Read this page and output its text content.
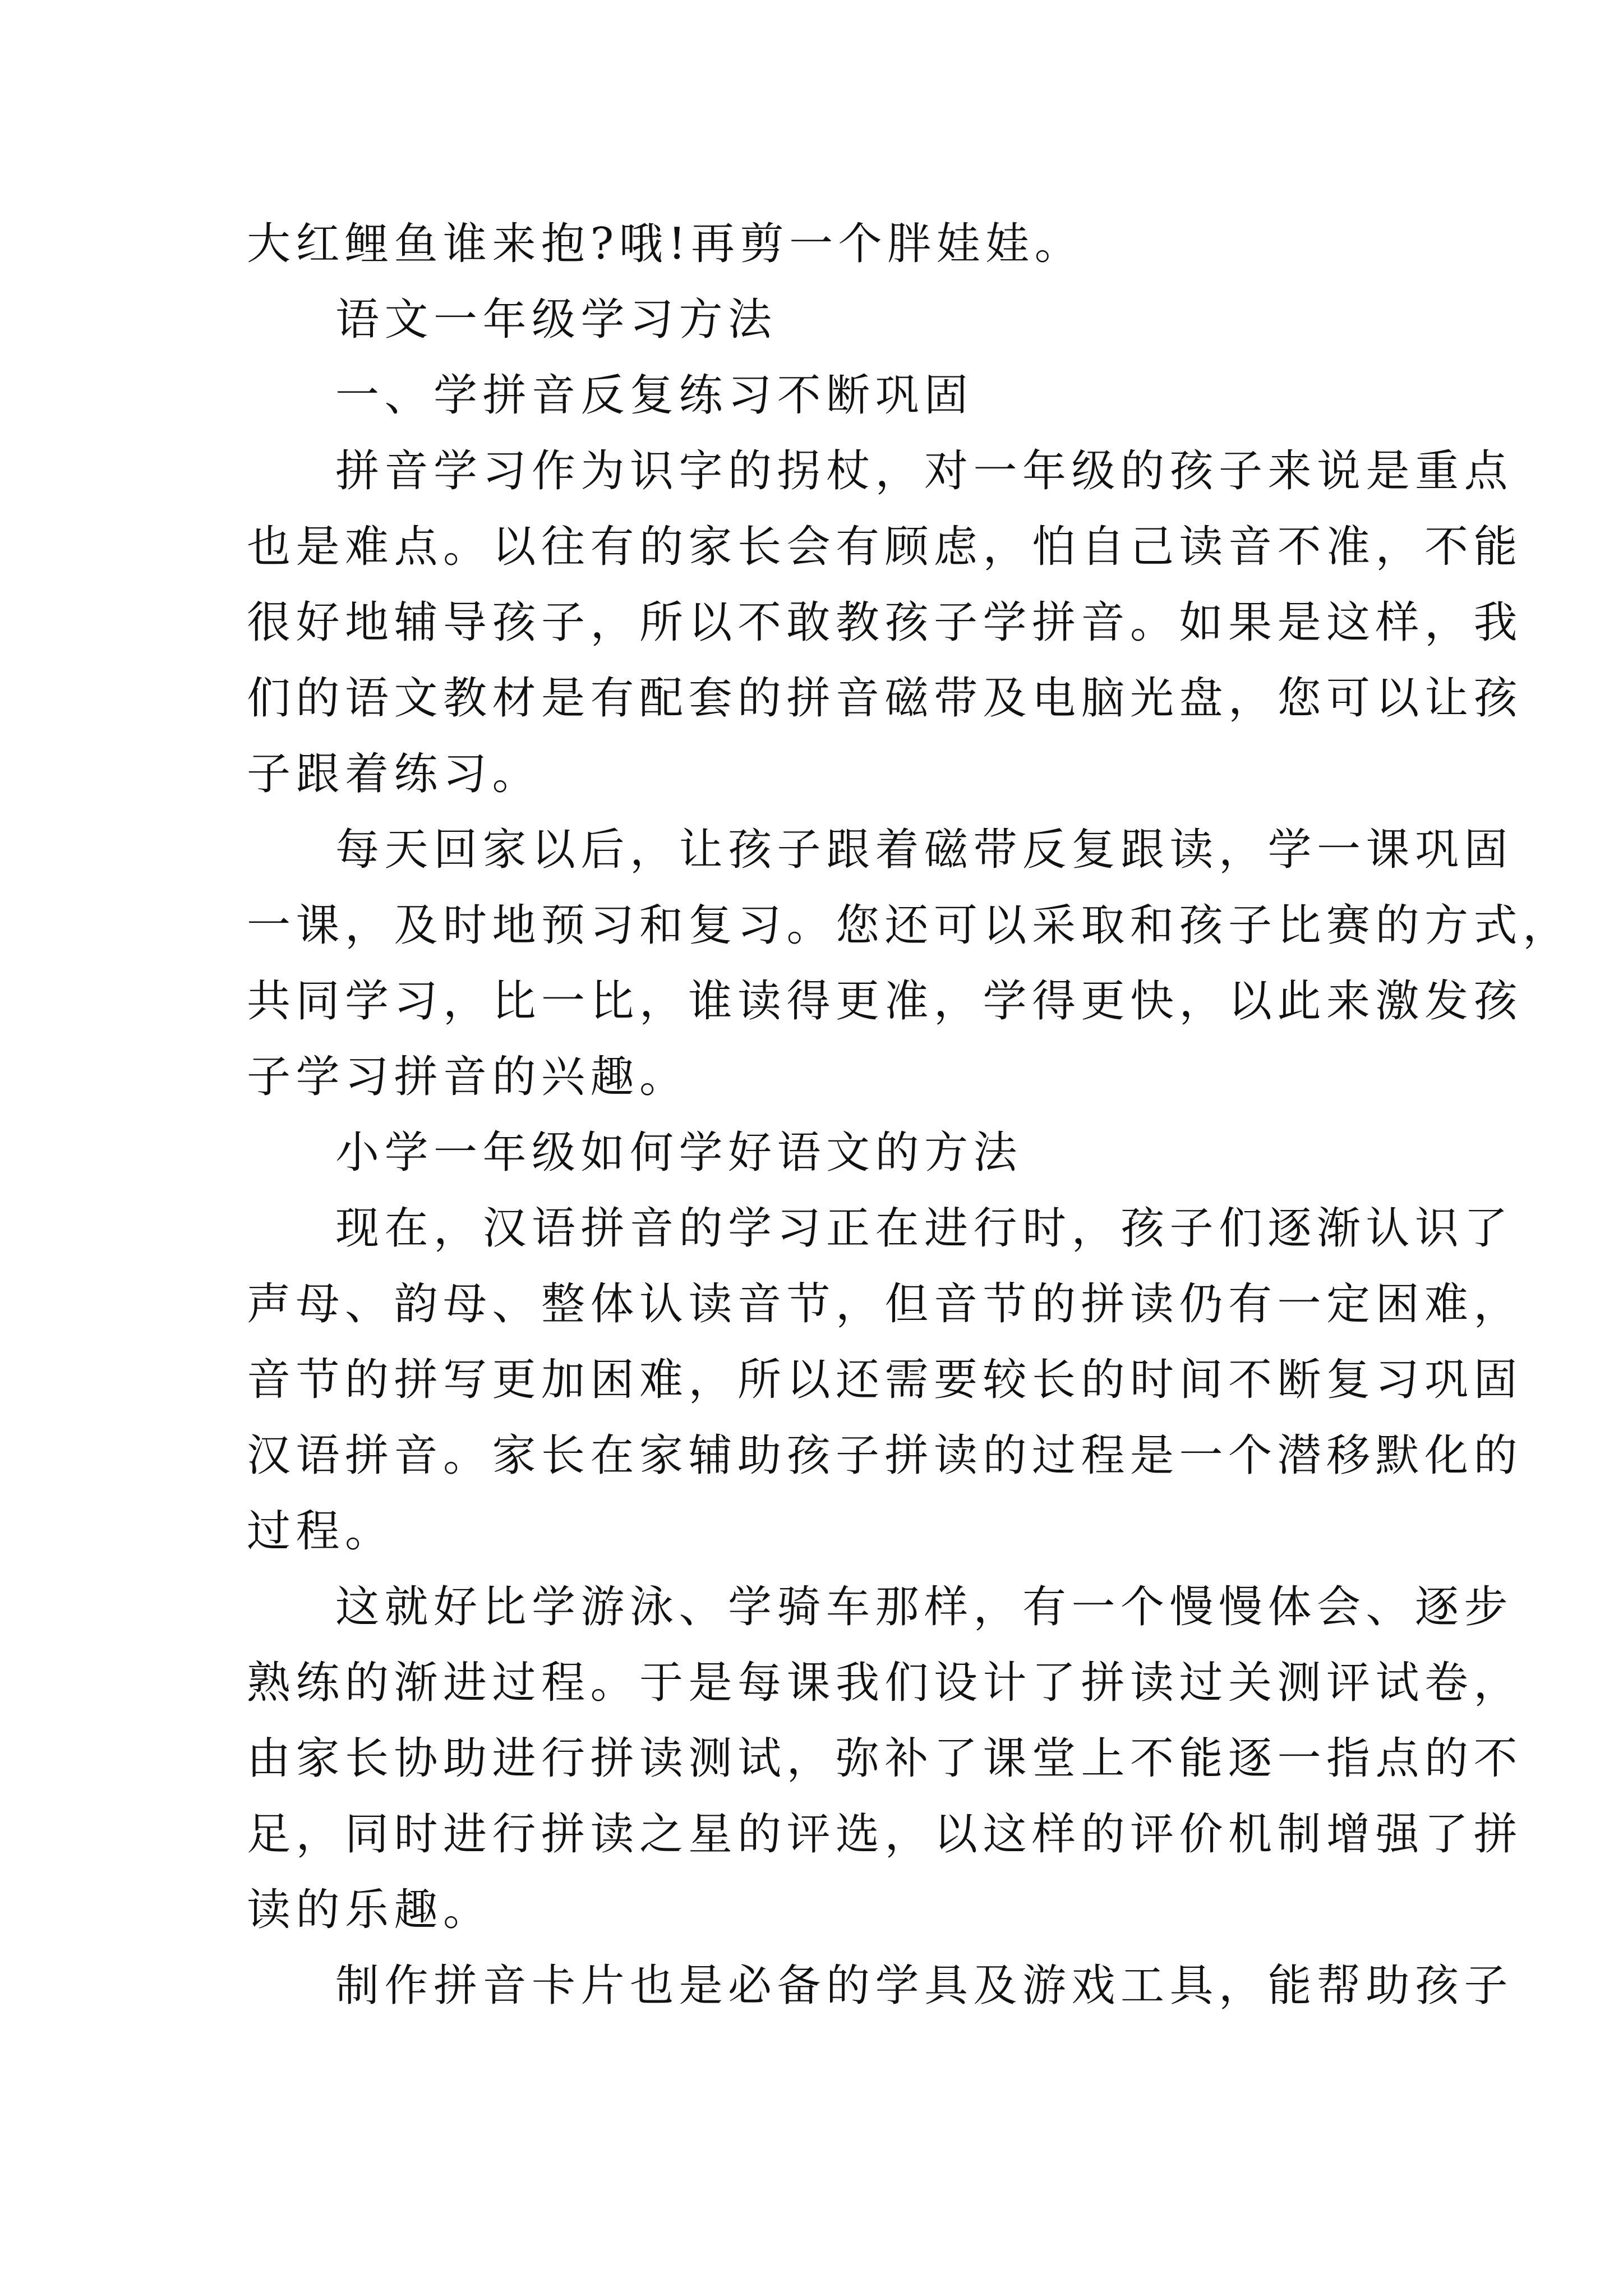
大红鲤鱼谁来抱?哦!再剪一个胖娃娃。
语文一年级学习方法
一、学拼音反复练习不断巩固
拼音学习作为识字的拐杖，对一年级的孩子来说是重点
也是难点。以往有的家长会有顾虑，怕自己读音不准，不能
很好地辅导孩子，所以不敢教孩子学拼音。如果是这样，我
们的语文教材是有配套的拼音磁带及电脑光盘，您可以让孩
子跟着练习。
每天回家以后，让孩子跟着磁带反复跟读，学一课巩固
一课，及时地预习和复习。您还可以采取和孩子比赛的方式，
共同学习，比一比，谁读得更准，学得更快，以此来激发孩
子学习拼音的兴趣。
小学一年级如何学好语文的方法
现在，汉语拼音的学习正在进行时，孩子们逐渐认识了
声母、韵母、整体认读音节，但音节的拼读仍有一定困难，
音节的拼写更加困难，所以还需要较长的时间不断复习巩固
汉语拼音。家长在家辅助孩子拼读的过程是一个潜移默化的
过程。
这就好比学游泳、学骑车那样，有一个慢慢体会、逐步
熟练的渐进过程。于是每课我们设计了拼读过关测评试卷，
由家长协助进行拼读测试，弥补了课堂上不能逐一指点的不
足，同时进行拼读之星的评选，以这样的评价机制增强了拼
读的乐趣。
制作拼音卡片也是必备的学具及游戏工具，能帮助孩子
